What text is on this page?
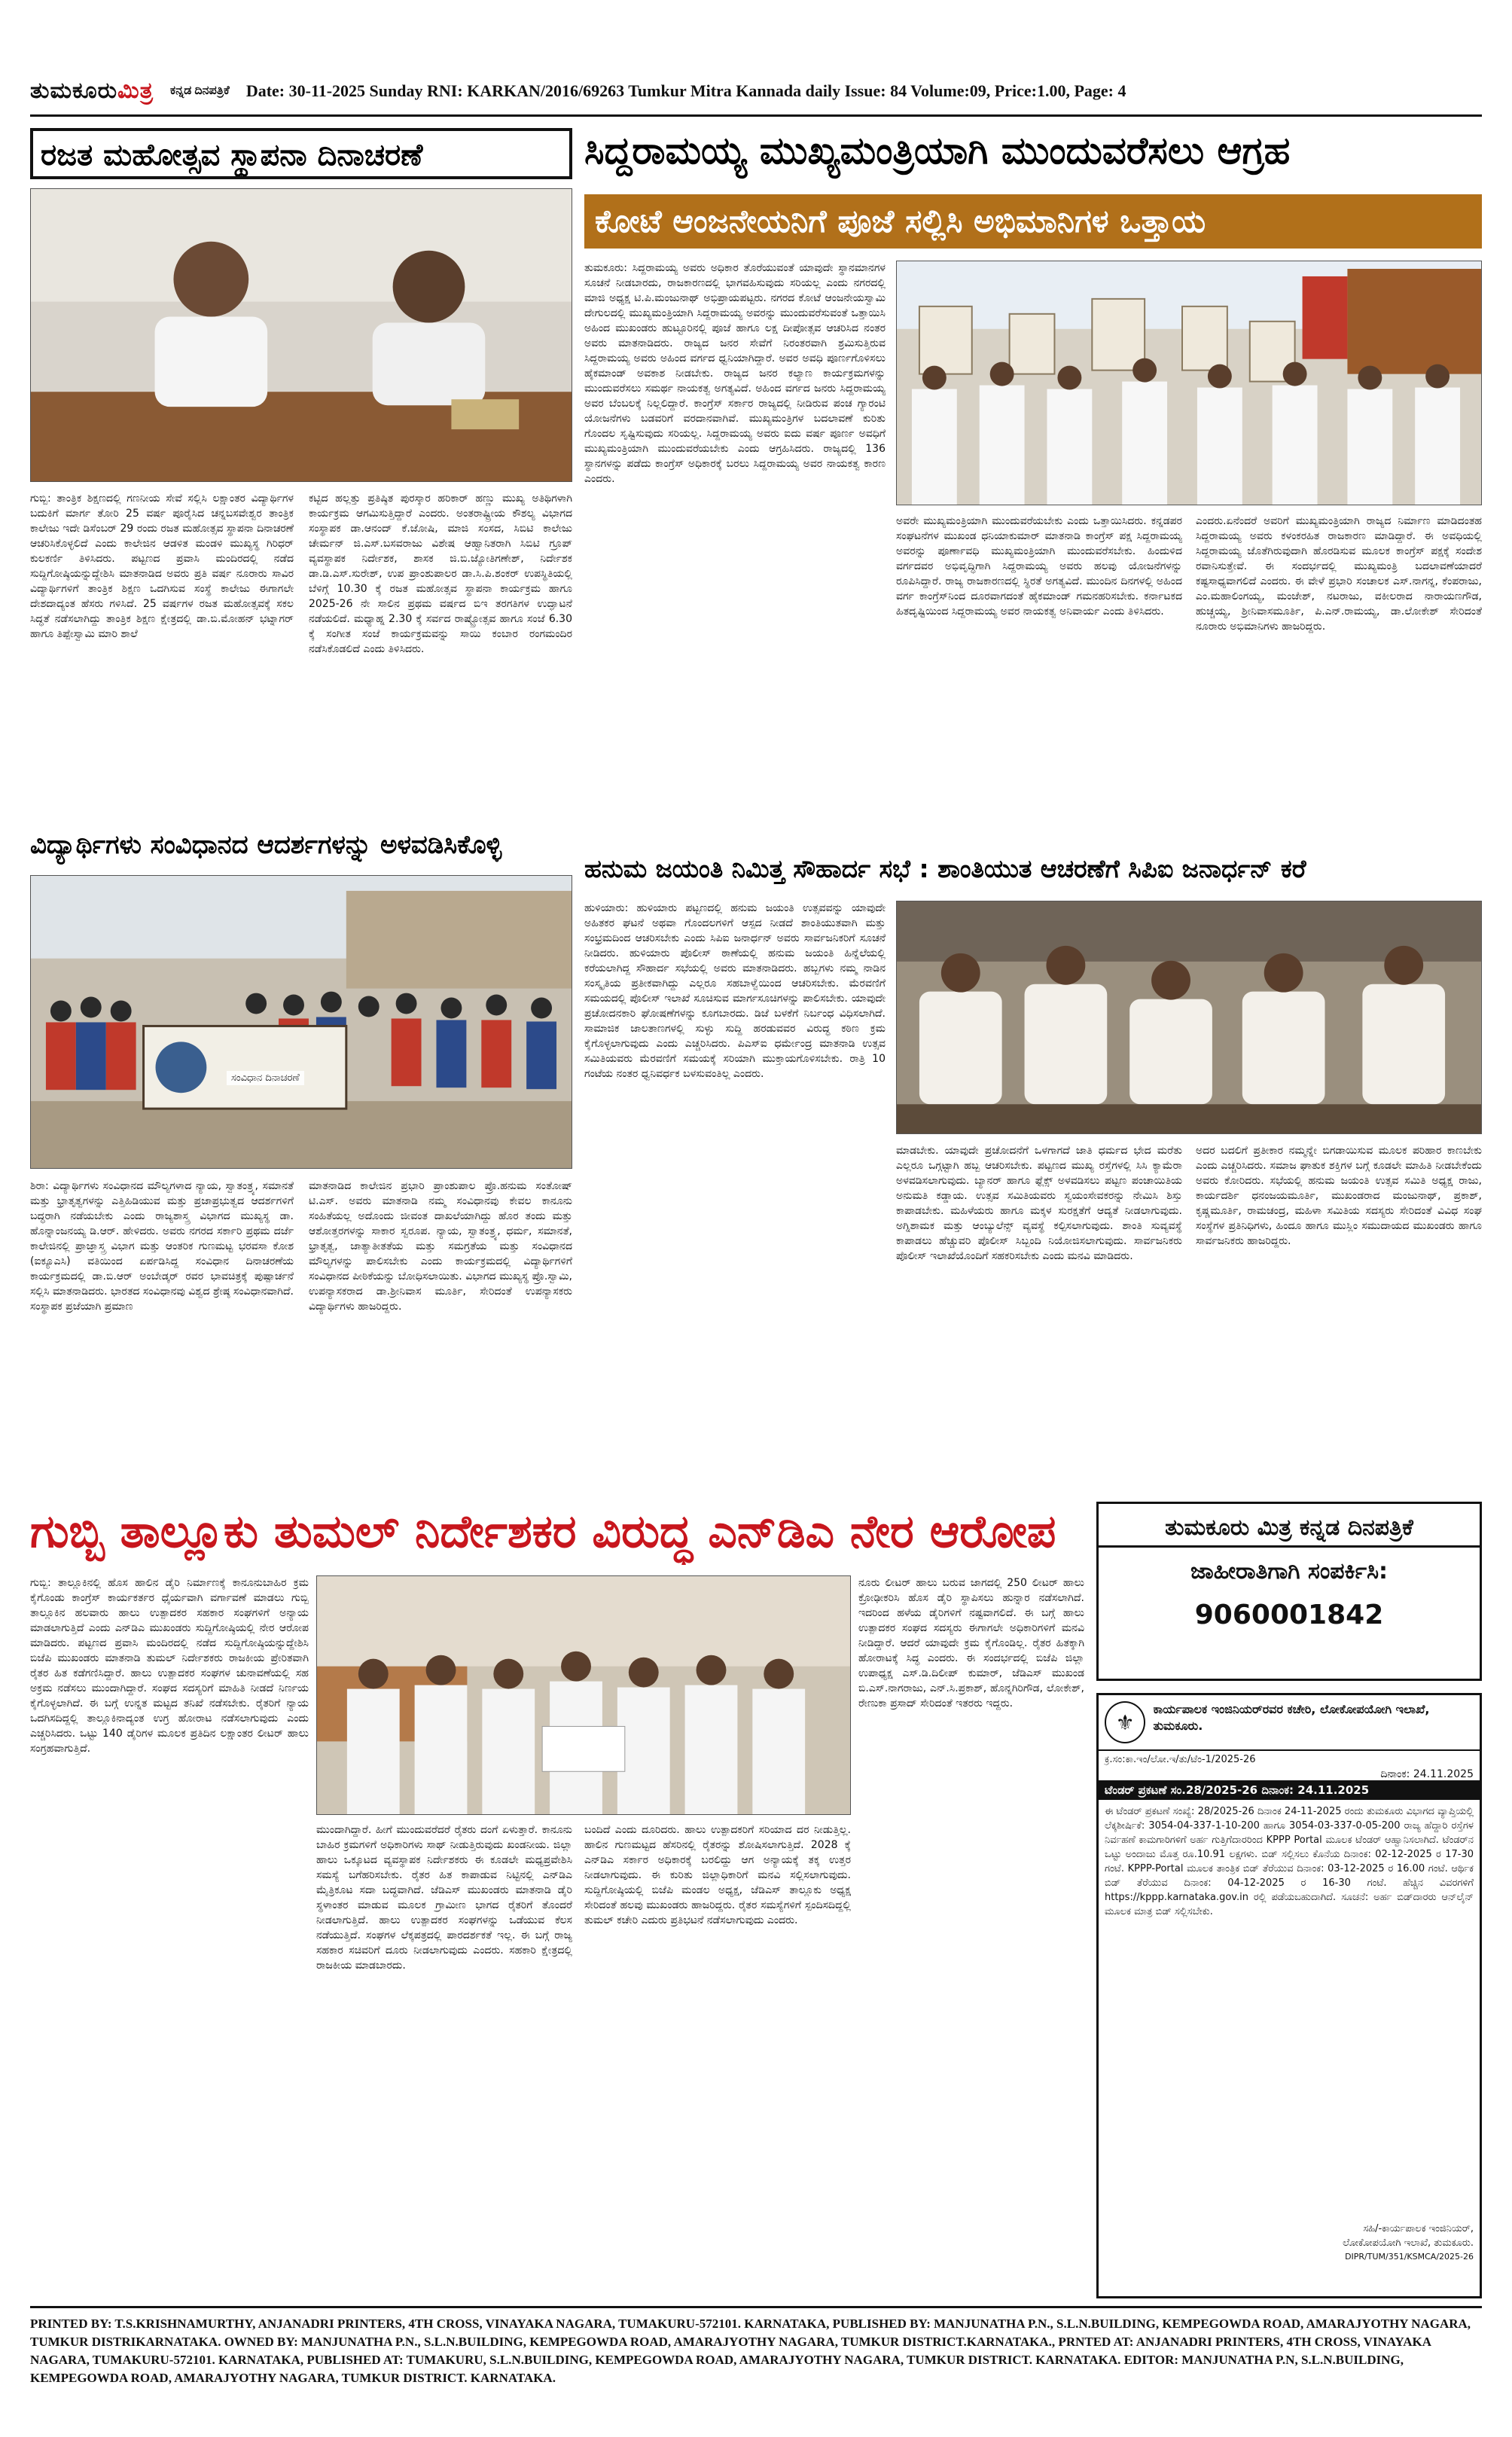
ತುಮಕೂರುಮಿತ್ರ ಕನ್ನಡ ದಿನಪತ್ರಿಕೆ Date: 30-11-2025 Sunday RNI: KARKAN/2016/69263 Tumkur Mitra Kannada daily Issue: 84 Volume:09, Price:1.00, Page: 4
ರಜತ ಮಹೋತ್ಸವ ಸ್ಥಾಪನಾ ದಿನಾಚರಣೆ	ಸಿದ್ದರಾಮಯ್ಯ ಮುಖ್ಯಮಂತ್ರಿಯಾಗಿ ಮುಂದುವರೆಸಲು ಆಗ್ರಹ
ಕೋಟೆ ಆಂಜನೇಯನಿಗೆ ಪೂಜೆ ಸಲ್ಲಿಸಿ ಅಭಿಮಾನಿಗಳ ಒತ್ತಾಯ
ಗುಬ್ಬಿ: ತಾಂತ್ರಿಕ ಶಿಕ್ಷಣದಲ್ಲಿ ಗಣನೀಯ ಸೇವೆ ಸಲ್ಲಿಸಿ ಲಕ್ಷಾಂತರ ವಿದ್ಯಾರ್ಥಿಗಳ ಬದುಕಿಗೆ ಮಾರ್ಗ ತೋರಿ 25 ವರ್ಷ ಪೂರೈಸಿದ ಚನ್ನಬಸವೇಶ್ವರ ತಾಂತ್ರಿಕ ಕಾಲೇಜು ಇದೇ ಡಿಸೆಂಬರ್ 29 ರಂದು ರಜತ ಮಹೋತ್ಸವ ಸ್ಥಾಪನಾ ದಿನಾಚರಣೆ ಆಚರಿಸಿಕೊಳ್ಳಲಿದೆ ಎಂದು ಕಾಲೇಜಿನ ಆಡಳಿತ ಮಂಡಳಿ ಮುಖ್ಯಸ್ಥ ಗಿರಿಧರ್ ಕುಲಕರ್ಣಿ ತಿಳಿಸಿದರು. ಪಟ್ಟಣದ ಪ್ರವಾಸಿ ಮಂದಿರದಲ್ಲಿ ನಡೆದ ಸುದ್ದಿಗೋಷ್ಠಿಯನ್ನುದ್ದೇಶಿಸಿ ಮಾತನಾಡಿದ ಅವರು ಪ್ರತಿ ವರ್ಷ ನೂರಾರು ಸಾವಿರ ವಿದ್ಯಾರ್ಥಿಗಳಿಗೆ ತಾಂತ್ರಿಕ ಶಿಕ್ಷಣ ಒದಗಿಸುವ ಸಂಸ್ಥೆ ಕಾಲೇಜು ಈಗಾಗಲೇ ದೇಶದಾದ್ಯಂತ ಹೆಸರು ಗಳಿಸಿದೆ. 25 ವರ್ಷಗಳ ರಜತ ಮಹೋತ್ಸವಕ್ಕೆ ಸಕಲ ಸಿದ್ಧತೆ ನಡೆಸಲಾಗಿದ್ದು ತಾಂತ್ರಿಕ ಶಿಕ್ಷಣ ಕ್ಷೇತ್ರದಲ್ಲಿ ಡಾ.ಬಿ.ಮೋಹನ್ ಭಟ್ನಾಗರ್ ಹಾಗೂ ತಿಪ್ಪೇಸ್ವಾಮಿ ಮಾರಿ ಶಾಲೆ
ಕಟ್ಟಿದ ಹಲ್ಲತ್ತು ಪ್ರತಿಷ್ಠಿತ ಪುರಸ್ಕಾರ ಹರಿಕಾರ್ ಹಣ್ಣು ಮುಖ್ಯ ಅತಿಥಿಗಳಾಗಿ ಕಾರ್ಯಕ್ರಮ ಆಗಮಿಸುತ್ತಿದ್ದಾರೆ ಎಂದರು. ಅಂತರಾಷ್ಟ್ರೀಯ ಕೌಶಲ್ಯ ವಿಭಾಗದ ಸಂಸ್ಥಾಪಕ ಡಾ.ಆನಂದ್ ಕೆ.ಜೋಷಿ, ಮಾಜಿ ಸಂಸದ, ಸಿಬಿಟಿ ಕಾಲೇಜು ಚೇರ್ಮನ್ ಜಿ.ಎಸ್.ಬಸವರಾಜು ವಿಶೇಷ ಆಹ್ವಾನಿತರಾಗಿ ಸಿಬಿಟಿ ಗ್ರೂಪ್ ವ್ಯವಸ್ಥಾಪಕ ನಿರ್ದೇಶಕ, ಶಾಸಕ ಜಿ.ಬಿ.ಜ್ಯೋತಿಗಣೇಶ್, ನಿರ್ದೇಶಕ ಡಾ.ಡಿ.ಎಸ್.ಸುರೇಶ್, ಉಪ ಪ್ರಾಂಶುಪಾಲರ ಡಾ.ಸಿ.ಪಿ.ಶಂಕರ್ ಉಪಸ್ಥಿತಿಯಲ್ಲಿ ಬೆಳಿಗ್ಗೆ 10.30 ಕ್ಕೆ ರಜತ ಮಹೋತ್ಸವ ಸ್ಥಾಪನಾ ಕಾರ್ಯಕ್ರಮ ಹಾಗೂ 2025-26 ನೇ ಸಾಲಿನ ಪ್ರಥಮ ವರ್ಷದ ಬಿಇ ತರಗತಿಗಳ ಉದ್ಘಾಟನೆ ನಡೆಯಲಿದೆ. ಮಧ್ಯಾಹ್ನ 2.30 ಕ್ಕೆ ಸರ್ವದ ರಾಷ್ಟ್ರೋತ್ಸವ ಹಾಗೂ ಸಂಜೆ 6.30 ಕ್ಕೆ ಸಂಗೀತ ಸಂಜೆ ಕಾರ್ಯಕ್ರಮವನ್ನು ಸಾಯಿ ಕಂಬಾರ ರಂಗಮಂದಿರ ನಡೆಸಿಕೊಡಲಿದೆ ಎಂದು ತಿಳಿಸಿದರು.
ವಿದ್ಯಾರ್ಥಿಗಳು ಸಂವಿಧಾನದ ಆದರ್ಶಗಳನ್ನು ಅಳವಡಿಸಿಕೊಳ್ಳಿ
ಸಂವಿಧಾನ ದಿನಾಚರಣೆ
ಶಿರಾ: ವಿದ್ಯಾರ್ಥಿಗಳು ಸಂವಿಧಾನದ ಮೌಲ್ಯಗಳಾದ ನ್ಯಾಯ, ಸ್ವಾತಂತ್ರ್ಯ, ಸಮಾನತೆ ಮತ್ತು ಭ್ರಾತೃತ್ವಗಳನ್ನು ಎತ್ತಿಹಿಡಿಯುವ ಮತ್ತು ಪ್ರಜಾಪ್ರಭುತ್ವದ ಆದರ್ಶಗಳಿಗೆ ಬದ್ಧರಾಗಿ ನಡೆಯಬೇಕು ಎಂದು ರಾಜ್ಯಶಾಸ್ತ್ರ ವಿಭಾಗದ ಮುಖ್ಯಸ್ಥ ಡಾ. ಹೊನ್ನಾಂಜನಯ್ಯ ಡಿ.ಆರ್. ಹೇಳಿದರು. ಅವರು ನಗರದ ಸರ್ಕಾರಿ ಪ್ರಥಮ ದರ್ಜೆ ಕಾಲೇಜಿನಲ್ಲಿ ಪ್ರಾಜ್ಞಾಸ್ತ್ರ ವಿಭಾಗ ಮತ್ತು ಆಂತರಿಕ ಗುಣಮಟ್ಟ ಭರವಸಾ ಕೋಶ (ಐಕ್ಯೂಎಸಿ) ವತಿಯಿಂದ ಏರ್ಪಡಿಸಿದ್ದ ಸಂವಿಧಾನ ದಿನಾಚರಣೆಯ ಕಾರ್ಯಕ್ರಮದಲ್ಲಿ ಡಾ.ಬಿ.ಆರ್ ಅಂಬೇಡ್ಕರ್ ರವರ ಭಾವಚಿತ್ರಕ್ಕೆ ಪುಷ್ಪಾರ್ಚನೆ ಸಲ್ಲಿಸಿ ಮಾತನಾಡಿದರು. ಭಾರತದ ಸಂವಿಧಾನವು ವಿಶ್ವದ ಶ್ರೇಷ್ಠ ಸಂವಿಧಾನವಾಗಿದೆ. ಸಂಸ್ಥಾಪಕ ಪ್ರಜೆಯಾಗಿ ಪ್ರಮಾಣ
ಮಾತನಾಡಿದ ಕಾಲೇಜಿನ ಪ್ರಭಾರಿ ಪ್ರಾಂಶುಪಾಲ ಪ್ರೊ.ಹನುಮ ಸಂತೋಷ್ ಟಿ.ಎಸ್. ಅವರು ಮಾತನಾಡಿ ನಮ್ಮ ಸಂವಿಧಾನವು ಕೇವಲ ಕಾನೂನು ಸಂಹಿತೆಯಲ್ಲ ಅದೊಂದು ಜೀವಂತ ದಾಖಲೆಯಾಗಿದ್ದು ಹೊರ ತಂದು ಮತ್ತು ಆಶೋತ್ತರಗಳನ್ನು ಸಾಕಾರ ಸ್ವರೂಪ. ನ್ಯಾಯ, ಸ್ವಾತಂತ್ರ್ಯ, ಧರ್ಮ, ಸಮಾನತೆ, ಭ್ರಾತೃತ್ವ, ಜಾತ್ಯಾತೀತತೆಯ ಮತ್ತು ಸಮಗ್ರತೆಯ ಮತ್ತು ಸಂವಿಧಾನದ ಮೌಲ್ಯಗಳನ್ನು ಪಾಲಿಸಬೇಕು ಎಂದು ಕಾರ್ಯಕ್ರಮದಲ್ಲಿ ವಿದ್ಯಾರ್ಥಿಗಳಿಗೆ ಸಂವಿಧಾನದ ಪೀಠಿಕೆಯನ್ನು ಬೋಧಿಸಲಾಯಿತು. ವಿಭಾಗದ ಮುಖ್ಯಸ್ಥ ಪ್ರೊ.ಸ್ವಾಮಿ, ಉಪನ್ಯಾಸಕರಾದ ಡಾ.ಶ್ರೀನಿವಾಸ ಮೂರ್ತಿ, ಸೇರಿದಂತೆ ಉಪನ್ಯಾಸಕರು ವಿದ್ಯಾರ್ಥಿಗಳು ಹಾಜರಿದ್ದರು.
ತುಮಕೂರು: ಸಿದ್ದರಾಮಯ್ಯ ಅವರು ಅಧಿಕಾರ ತೊರೆಯುವಂತೆ ಯಾವುದೇ ಸ್ಥಾನಮಾನಗಳ ಸೂಚನೆ ನೀಡಬಾರದು, ರಾಜಕಾರಣದಲ್ಲಿ ಭಾಗವಹಿಸುವುದು ಸರಿಯಲ್ಲ ಎಂದು ನಗರದಲ್ಲಿ ಮಾಜಿ ಅಧ್ಯಕ್ಷ ಟಿ.ಪಿ.ಮಂಜುನಾಥ್ ಅಭಿಪ್ರಾಯಪಟ್ಟರು. ನಗರದ ಕೋಟೆ ಆಂಜನೇಯಸ್ವಾಮಿ ದೇಗುಲದಲ್ಲಿ ಮುಖ್ಯಮಂತ್ರಿಯಾಗಿ ಸಿದ್ದರಾಮಯ್ಯ ಅವರನ್ನು ಮುಂದುವರೆಸುವಂತೆ ಒತ್ತಾಯಿಸಿ ಅಹಿಂದ ಮುಖಂಡರು ಹುಟ್ಟೂರಿನಲ್ಲಿ ಪೂಜೆ ಹಾಗೂ ಲಕ್ಷ ದೀಪೋತ್ಸವ ಆಚರಿಸಿದ ನಂತರ ಅವರು ಮಾತನಾಡಿದರು. ರಾಜ್ಯದ ಜನರ ಸೇವೆಗೆ ನಿರಂತರವಾಗಿ ಶ್ರಮಿಸುತ್ತಿರುವ ಸಿದ್ದರಾಮಯ್ಯ ಅವರು ಅಹಿಂದ ವರ್ಗದ ಧ್ವನಿಯಾಗಿದ್ದಾರೆ. ಅವರ ಅವಧಿ ಪೂರ್ಣಗೊಳಿಸಲು ಹೈಕಮಾಂಡ್ ಅವಕಾಶ ನೀಡಬೇಕು. ರಾಜ್ಯದ ಜನರ ಕಲ್ಯಾಣ ಕಾರ್ಯಕ್ರಮಗಳನ್ನು ಮುಂದುವರೆಸಲು ಸಮರ್ಥ ನಾಯಕತ್ವ ಅಗತ್ಯವಿದೆ. ಅಹಿಂದ ವರ್ಗದ ಜನರು ಸಿದ್ದರಾಮಯ್ಯ ಅವರ ಬೆಂಬಲಕ್ಕೆ ನಿಲ್ಲಲಿದ್ದಾರೆ. ಕಾಂಗ್ರೆಸ್ ಸರ್ಕಾರ ರಾಜ್ಯದಲ್ಲಿ ನೀಡಿರುವ ಪಂಚ ಗ್ಯಾರಂಟಿ ಯೋಜನೆಗಳು ಬಡವರಿಗೆ ವರದಾನವಾಗಿವೆ. ಮುಖ್ಯಮಂತ್ರಿಗಳ ಬದಲಾವಣೆ ಕುರಿತು ಗೊಂದಲ ಸೃಷ್ಟಿಸುವುದು ಸರಿಯಲ್ಲ. ಸಿದ್ದರಾಮಯ್ಯ ಅವರು ಐದು ವರ್ಷ ಪೂರ್ಣ ಅವಧಿಗೆ ಮುಖ್ಯಮಂತ್ರಿಯಾಗಿ ಮುಂದುವರೆಯಬೇಕು ಎಂದು ಆಗ್ರಹಿಸಿದರು. ರಾಜ್ಯದಲ್ಲಿ 136 ಸ್ಥಾನಗಳನ್ನು ಪಡೆದು ಕಾಂಗ್ರೆಸ್ ಅಧಿಕಾರಕ್ಕೆ ಬರಲು ಸಿದ್ದರಾಮಯ್ಯ ಅವರ ನಾಯಕತ್ವ ಕಾರಣ ಎಂದರು.
ಅವರೇ ಮುಖ್ಯಮಂತ್ರಿಯಾಗಿ ಮುಂದುವರೆಯಬೇಕು ಎಂದು ಒತ್ತಾಯಿಸಿದರು. ಕನ್ನಡಪರ ಸಂಘಟನೆಗಳ ಮುಖಂಡ ಧನಿಯಾಕುಮಾರ್ ಮಾತನಾಡಿ ಕಾಂಗ್ರೆಸ್ ಪಕ್ಷ ಸಿದ್ದರಾಮಯ್ಯ ಅವರನ್ನು ಪೂರ್ಣಾವಧಿ ಮುಖ್ಯಮಂತ್ರಿಯಾಗಿ ಮುಂದುವರೆಸಬೇಕು. ಹಿಂದುಳಿದ ವರ್ಗದವರ ಅಭಿವೃದ್ಧಿಗಾಗಿ ಸಿದ್ದರಾಮಯ್ಯ ಅವರು ಹಲವು ಯೋಜನೆಗಳನ್ನು ರೂಪಿಸಿದ್ದಾರೆ. ರಾಜ್ಯ ರಾಜಕಾರಣದಲ್ಲಿ ಸ್ಥಿರತೆ ಅಗತ್ಯವಿದೆ. ಮುಂದಿನ ದಿನಗಳಲ್ಲಿ ಅಹಿಂದ ವರ್ಗ ಕಾಂಗ್ರೆಸ್‌ನಿಂದ ದೂರವಾಗದಂತೆ ಹೈಕಮಾಂಡ್ ಗಮನಹರಿಸಬೇಕು. ಕರ್ನಾಟಕದ ಹಿತದೃಷ್ಟಿಯಿಂದ ಸಿದ್ದರಾಮಯ್ಯ ಅವರ ನಾಯಕತ್ವ ಅನಿವಾರ್ಯ ಎಂದು ತಿಳಿಸಿದರು.
ಎಂದರು.ಏನೆಂದರೆ ಅವರಿಗೆ ಮುಖ್ಯಮಂತ್ರಿಯಾಗಿ ರಾಜ್ಯದ ನಿರ್ಮಾಣ ಮಾಡಿದಂತಹ ಸಿದ್ದರಾಮಯ್ಯ ಅವರು ಕಳಂಕರಹಿತ ರಾಜಕಾರಣ ಮಾಡಿದ್ದಾರೆ. ಈ ಅವಧಿಯಲ್ಲಿ ಸಿದ್ದರಾಮಯ್ಯ ಜೊತೆಗಿರುವುದಾಗಿ ಹೊರಡಿಸುವ ಮೂಲಕ ಕಾಂಗ್ರೆಸ್ ಪಕ್ಷಕ್ಕೆ ಸಂದೇಶ ರವಾನಿಸುತ್ತೇವೆ. ಈ ಸಂದರ್ಭದಲ್ಲಿ ಮುಖ್ಯಮಂತ್ರಿ ಬದಲಾವಣೆಯಾದರೆ ಕಷ್ಟಸಾಧ್ಯವಾಗಲಿದೆ ಎಂದರು. ಈ ವೇಳೆ ಪ್ರಭಾರಿ ಸಂಚಾಲಕ ಎಸ್.ನಾಗನ್ನ, ಕೆಂಪರಾಜು, ಎಂ.ಮಹಾಲಿಂಗಯ್ಯ, ಮಂಜೇಶ್, ನಟರಾಜು, ವಕೀಲರಾದ ನಾರಾಯಣಗೌಡ, ಹುಚ್ಚಯ್ಯ, ಶ್ರೀನಿವಾಸಮೂರ್ತಿ, ಪಿ.ಎನ್.ರಾಮಯ್ಯ, ಡಾ.ಲೋಕೇಶ್ ಸೇರಿದಂತೆ ನೂರಾರು ಅಭಿಮಾನಿಗಳು ಹಾಜರಿದ್ದರು.
ಹನುಮ ಜಯಂತಿ ನಿಮಿತ್ತ ಸೌಹಾರ್ದ ಸಭೆ : ಶಾಂತಿಯುತ ಆಚರಣೆಗೆ ಸಿಪಿಐ ಜನಾರ್ಧನ್ ಕರೆ
ಹುಳಿಯಾರು: ಹುಳಿಯಾರು ಪಟ್ಟಣದಲ್ಲಿ ಹನುಮ ಜಯಂತಿ ಉತ್ಸವವನ್ನು ಯಾವುದೇ ಅಹಿತಕರ ಘಟನೆ ಅಥವಾ ಗೊಂದಲಗಳಿಗೆ ಆಸ್ಪದ ನೀಡದೆ ಶಾಂತಿಯುತವಾಗಿ ಮತ್ತು ಸಂಭ್ರಮದಿಂದ ಆಚರಿಸಬೇಕು ಎಂದು ಸಿಪಿಐ ಜನಾರ್ಧನ್ ಅವರು ಸಾರ್ವಜನಿಕರಿಗೆ ಸೂಚನೆ ನೀಡಿದರು. ಹುಳಿಯಾರು ಪೊಲೀಸ್ ಠಾಣೆಯಲ್ಲಿ ಹನುಮ ಜಯಂತಿ ಹಿನ್ನೆಲೆಯಲ್ಲಿ ಕರೆಯಲಾಗಿದ್ದ ಸೌಹಾರ್ದ ಸಭೆಯಲ್ಲಿ ಅವರು ಮಾತನಾಡಿದರು. ಹಬ್ಬಗಳು ನಮ್ಮ ನಾಡಿನ ಸಂಸ್ಕೃತಿಯ ಪ್ರತೀಕವಾಗಿದ್ದು ಎಲ್ಲರೂ ಸಹಬಾಳ್ವೆಯಿಂದ ಆಚರಿಸಬೇಕು. ಮೆರವಣಿಗೆ ಸಮಯದಲ್ಲಿ ಪೊಲೀಸ್ ಇಲಾಖೆ ಸೂಚಿಸುವ ಮಾರ್ಗಸೂಚಿಗಳನ್ನು ಪಾಲಿಸಬೇಕು. ಯಾವುದೇ ಪ್ರಚೋದನಕಾರಿ ಘೋಷಣೆಗಳನ್ನು ಕೂಗಬಾರದು. ಡಿಜೆ ಬಳಕೆಗೆ ನಿರ್ಬಂಧ ವಿಧಿಸಲಾಗಿದೆ. ಸಾಮಾಜಿಕ ಜಾಲತಾಣಗಳಲ್ಲಿ ಸುಳ್ಳು ಸುದ್ದಿ ಹರಡುವವರ ವಿರುದ್ಧ ಕಠಿಣ ಕ್ರಮ ಕೈಗೊಳ್ಳಲಾಗುವುದು ಎಂದು ಎಚ್ಚರಿಸಿದರು. ಪಿಎಸ್ಐ ಧರ್ಮೇಂದ್ರ ಮಾತನಾಡಿ ಉತ್ಸವ ಸಮಿತಿಯವರು ಮೆರವಣಿಗೆ ಸಮಯಕ್ಕೆ ಸರಿಯಾಗಿ ಮುಕ್ತಾಯಗೊಳಿಸಬೇಕು. ರಾತ್ರಿ 10 ಗಂಟೆಯ ನಂತರ ಧ್ವನಿವರ್ಧಕ ಬಳಸುವಂತಿಲ್ಲ ಎಂದರು.
ಮಾಡಬೇಕು. ಯಾವುದೇ ಪ್ರಚೋದನೆಗೆ ಒಳಗಾಗದೆ ಜಾತಿ ಧರ್ಮದ ಭೇದ ಮರೆತು ಎಲ್ಲರೂ ಒಗ್ಗಟ್ಟಾಗಿ ಹಬ್ಬ ಆಚರಿಸಬೇಕು. ಪಟ್ಟಣದ ಮುಖ್ಯ ರಸ್ತೆಗಳಲ್ಲಿ ಸಿಸಿ ಕ್ಯಾಮೆರಾ ಅಳವಡಿಸಲಾಗುವುದು. ಬ್ಯಾನರ್ ಹಾಗೂ ಫ್ಲೆಕ್ಸ್ ಅಳವಡಿಸಲು ಪಟ್ಟಣ ಪಂಚಾಯಿತಿಯ ಅನುಮತಿ ಕಡ್ಡಾಯ. ಉತ್ಸವ ಸಮಿತಿಯವರು ಸ್ವಯಂಸೇವಕರನ್ನು ನೇಮಿಸಿ ಶಿಸ್ತು ಕಾಪಾಡಬೇಕು. ಮಹಿಳೆಯರು ಹಾಗೂ ಮಕ್ಕಳ ಸುರಕ್ಷತೆಗೆ ಆದ್ಯತೆ ನೀಡಲಾಗುವುದು. ಅಗ್ನಿಶಾಮಕ ಮತ್ತು ಆಂಬ್ಯುಲೆನ್ಸ್ ವ್ಯವಸ್ಥೆ ಕಲ್ಪಿಸಲಾಗುವುದು. ಶಾಂತಿ ಸುವ್ಯವಸ್ಥೆ ಕಾಪಾಡಲು ಹೆಚ್ಚುವರಿ ಪೊಲೀಸ್ ಸಿಬ್ಬಂದಿ ನಿಯೋಜಿಸಲಾಗುವುದು. ಸಾರ್ವಜನಿಕರು ಪೊಲೀಸ್ ಇಲಾಖೆಯೊಂದಿಗೆ ಸಹಕರಿಸಬೇಕು ಎಂದು ಮನವಿ ಮಾಡಿದರು.
ಅದರ ಬದಲಿಗೆ ಪ್ರತೀಕಾರ ನಮ್ಮನ್ನೇ ಬಿಗಡಾಯಿಸುವ ಮೂಲಕ ಪರಿಹಾರ ಕಾಣಬೇಕು ಎಂದು ಎಚ್ಚರಿಸಿದರು. ಸಮಾಜ ಘಾತುಕ ಶಕ್ತಿಗಳ ಬಗ್ಗೆ ಕೂಡಲೇ ಮಾಹಿತಿ ನೀಡಬೇಕೆಂದು ಅವರು ಕೋರಿದರು. ಸಭೆಯಲ್ಲಿ ಹನುಮ ಜಯಂತಿ ಉತ್ಸವ ಸಮಿತಿ ಅಧ್ಯಕ್ಷ ರಾಜು, ಕಾರ್ಯದರ್ಶಿ ಧನಂಜಯಮೂರ್ತಿ, ಮುಖಂಡರಾದ ಮಂಜುನಾಥ್, ಪ್ರಕಾಶ್, ಕೃಷ್ಣಮೂರ್ತಿ, ರಾಮಚಂದ್ರ, ಮಹಿಳಾ ಸಮಿತಿಯ ಸದಸ್ಯರು ಸೇರಿದಂತೆ ವಿವಿಧ ಸಂಘ ಸಂಸ್ಥೆಗಳ ಪ್ರತಿನಿಧಿಗಳು, ಹಿಂದೂ ಹಾಗೂ ಮುಸ್ಲಿಂ ಸಮುದಾಯದ ಮುಖಂಡರು ಹಾಗೂ ಸಾರ್ವಜನಿಕರು ಹಾಜರಿದ್ದರು.
ಗುಬ್ಬಿ ತಾಲ್ಲೂಕು ತುಮಲ್ ನಿರ್ದೇಶಕರ ವಿರುದ್ಧ ಎನ್‌ಡಿಎ ನೇರ ಆರೋಪ
ಗುಬ್ಬಿ: ತಾಲ್ಲೂಕಿನಲ್ಲಿ ಹೊಸ ಹಾಲಿನ ಡೈರಿ ನಿರ್ಮಾಣಕ್ಕೆ ಕಾನೂನುಬಾಹಿರ ಕ್ರಮ ಕೈಗೊಂಡು ಕಾಂಗ್ರೆಸ್ ಕಾರ್ಯಕರ್ತರ ಧೈರ್ಯವಾಗಿ ವರ್ಗಾವಣೆ ಮಾಡಲು ಗುಬ್ಬಿ ತಾಲ್ಲೂಕಿನ ಹಲವಾರು ಹಾಲು ಉತ್ಪಾದಕರ ಸಹಕಾರ ಸಂಘಗಳಿಗೆ ಅನ್ಯಾಯ ಮಾಡಲಾಗುತ್ತಿದೆ ಎಂದು ಎನ್‌ಡಿಎ ಮುಖಂಡರು ಸುದ್ದಿಗೋಷ್ಠಿಯಲ್ಲಿ ನೇರ ಆರೋಪ ಮಾಡಿದರು. ಪಟ್ಟಣದ ಪ್ರವಾಸಿ ಮಂದಿರದಲ್ಲಿ ನಡೆದ ಸುದ್ದಿಗೋಷ್ಠಿಯನ್ನುದ್ದೇಶಿಸಿ ಬಿಜೆಪಿ ಮುಖಂಡರು ಮಾತನಾಡಿ ತುಮಲ್ ನಿರ್ದೇಶಕರು ರಾಜಕೀಯ ಪ್ರೇರಿತವಾಗಿ ರೈತರ ಹಿತ ಕಡೆಗಣಿಸಿದ್ದಾರೆ. ಹಾಲು ಉತ್ಪಾದಕರ ಸಂಘಗಳ ಚುನಾವಣೆಯಲ್ಲಿ ಸಹ ಅಕ್ರಮ ನಡೆಸಲು ಮುಂದಾಗಿದ್ದಾರೆ. ಸಂಘದ ಸದಸ್ಯರಿಗೆ ಮಾಹಿತಿ ನೀಡದೆ ನಿರ್ಣಯ ಕೈಗೊಳ್ಳಲಾಗಿದೆ. ಈ ಬಗ್ಗೆ ಉನ್ನತ ಮಟ್ಟದ ತನಿಖೆ ನಡೆಸಬೇಕು. ರೈತರಿಗೆ ನ್ಯಾಯ ಒದಗಿಸದಿದ್ದಲ್ಲಿ ತಾಲ್ಲೂಕಿನಾದ್ಯಂತ ಉಗ್ರ ಹೋರಾಟ ನಡೆಸಲಾಗುವುದು ಎಂದು ಎಚ್ಚರಿಸಿದರು. ಒಟ್ಟು 140 ಡೈರಿಗಳ ಮೂಲಕ ಪ್ರತಿದಿನ ಲಕ್ಷಾಂತರ ಲೀಟರ್ ಹಾಲು ಸಂಗ್ರಹವಾಗುತ್ತಿದೆ.
ಮುಂದಾಗಿದ್ದಾರೆ. ಹೀಗೆ ಮುಂದುವರೆದರೆ ರೈತರು ದಂಗೆ ಏಳುತ್ತಾರೆ. ಕಾನೂನು ಬಾಹಿರ ಕ್ರಮಗಳಿಗೆ ಅಧಿಕಾರಿಗಳು ಸಾಥ್ ನೀಡುತ್ತಿರುವುದು ಖಂಡನೀಯ. ಜಿಲ್ಲಾ ಹಾಲು ಒಕ್ಕೂಟದ ವ್ಯವಸ್ಥಾಪಕ ನಿರ್ದೇಶಕರು ಈ ಕೂಡಲೇ ಮಧ್ಯಪ್ರವೇಶಿಸಿ ಸಮಸ್ಯೆ ಬಗೆಹರಿಸಬೇಕು. ರೈತರ ಹಿತ ಕಾಪಾಡುವ ನಿಟ್ಟಿನಲ್ಲಿ ಎನ್‌ಡಿಎ ಮೈತ್ರಿಕೂಟ ಸದಾ ಬದ್ಧವಾಗಿದೆ. ಜೆಡಿಎಸ್ ಮುಖಂಡರು ಮಾತನಾಡಿ ಡೈರಿ ಸ್ಥಳಾಂತರ ಮಾಡುವ ಮೂಲಕ ಗ್ರಾಮೀಣ ಭಾಗದ ರೈತರಿಗೆ ತೊಂದರೆ ನೀಡಲಾಗುತ್ತಿದೆ. ಹಾಲು ಉತ್ಪಾದಕರ ಸಂಘಗಳನ್ನು ಒಡೆಯುವ ಕೆಲಸ ನಡೆಯುತ್ತಿದೆ. ಸಂಘಗಳ ಲೆಕ್ಕಪತ್ರದಲ್ಲಿ ಪಾರದರ್ಶಕತೆ ಇಲ್ಲ. ಈ ಬಗ್ಗೆ ರಾಜ್ಯ ಸಹಕಾರ ಸಚಿವರಿಗೆ ದೂರು ನೀಡಲಾಗುವುದು ಎಂದರು. ಸಹಕಾರಿ ಕ್ಷೇತ್ರದಲ್ಲಿ ರಾಜಕೀಯ ಮಾಡಬಾರದು.
ಬಂದಿದೆ ಎಂದು ದೂರಿದರು. ಹಾಲು ಉತ್ಪಾದಕರಿಗೆ ಸರಿಯಾದ ದರ ನೀಡುತ್ತಿಲ್ಲ. ಹಾಲಿನ ಗುಣಮಟ್ಟದ ಹೆಸರಿನಲ್ಲಿ ರೈತರನ್ನು ಶೋಷಿಸಲಾಗುತ್ತಿದೆ. 2028 ಕ್ಕೆ ಎನ್‌ಡಿಎ ಸರ್ಕಾರ ಅಧಿಕಾರಕ್ಕೆ ಬರಲಿದ್ದು ಆಗ ಅನ್ಯಾಯಕ್ಕೆ ತಕ್ಕ ಉತ್ತರ ನೀಡಲಾಗುವುದು. ಈ ಕುರಿತು ಜಿಲ್ಲಾಧಿಕಾರಿಗೆ ಮನವಿ ಸಲ್ಲಿಸಲಾಗುವುದು. ಸುದ್ದಿಗೋಷ್ಠಿಯಲ್ಲಿ ಬಿಜೆಪಿ ಮಂಡಲ ಅಧ್ಯಕ್ಷ, ಜೆಡಿಎಸ್ ತಾಲ್ಲೂಕು ಅಧ್ಯಕ್ಷ ಸೇರಿದಂತೆ ಹಲವು ಮುಖಂಡರು ಹಾಜರಿದ್ದರು. ರೈತರ ಸಮಸ್ಯೆಗಳಿಗೆ ಸ್ಪಂದಿಸದಿದ್ದಲ್ಲಿ ತುಮಲ್ ಕಚೇರಿ ಎದುರು ಪ್ರತಿಭಟನೆ ನಡೆಸಲಾಗುವುದು ಎಂದರು.
ನೂರು ಲೀಟರ್ ಹಾಲು ಬರುವ ಜಾಗದಲ್ಲಿ 250 ಲೀಟರ್ ಹಾಲು ಕ್ರೋಢೀಕರಿಸಿ ಹೊಸ ಡೈರಿ ಸ್ಥಾಪಿಸಲು ಹುನ್ನಾರ ನಡೆಸಲಾಗಿದೆ. ಇದರಿಂದ ಹಳೆಯ ಡೈರಿಗಳಿಗೆ ನಷ್ಟವಾಗಲಿದೆ. ಈ ಬಗ್ಗೆ ಹಾಲು ಉತ್ಪಾದಕರ ಸಂಘದ ಸದಸ್ಯರು ಈಗಾಗಲೇ ಅಧಿಕಾರಿಗಳಿಗೆ ಮನವಿ ನೀಡಿದ್ದಾರೆ. ಆದರೆ ಯಾವುದೇ ಕ್ರಮ ಕೈಗೊಂಡಿಲ್ಲ. ರೈತರ ಹಿತಕ್ಕಾಗಿ ಹೋರಾಟಕ್ಕೆ ಸಿದ್ಧ ಎಂದರು. ಈ ಸಂದರ್ಭದಲ್ಲಿ ಬಿಜೆಪಿ ಜಿಲ್ಲಾ ಉಪಾಧ್ಯಕ್ಷ ಎಸ್.ಡಿ.ದಿಲೀಪ್ ಕುಮಾರ್, ಜೆಡಿಎಸ್ ಮುಖಂಡ ಬಿ.ಎಸ್.ನಾಗರಾಜು, ಎನ್.ಸಿ.ಪ್ರಕಾಶ್, ಹೊನ್ನಗಿರಿಗೌಡ, ಲೋಕೇಶ್, ರೇಣುಕಾ ಪ್ರಸಾದ್ ಸೇರಿದಂತೆ ಇತರರು ಇದ್ದರು.
ತುಮಕೂರು ಮಿತ್ರ ಕನ್ನಡ ದಿನಪತ್ರಿಕೆ
ಜಾಹೀರಾತಿಗಾಗಿ ಸಂಪರ್ಕಿಸಿ:
9060001842
⚜
ಕಾರ್ಯಪಾಲಕ ಇಂಜಿನಿಯರ್‌ರವರ ಕಚೇರಿ, ಲೋಕೋಪಯೋಗಿ ಇಲಾಖೆ, ತುಮಕೂರು.
ಕ್ರ.ಸಂ:ಕಾ.ಇಂ/ಲೋ.ಇ/ತು/ಟೆಂ-1/2025-26
ದಿನಾಂಕ: 24.11.2025
ಟೆಂಡರ್ ಪ್ರಕಟಣೆ ಸಂ.28/2025-26 ದಿನಾಂಕ: 24.11.2025
ಈ ಟೆಂಡರ್ ಪ್ರಕಟಣೆ ಸಂಖ್ಯೆ: 28/2025-26 ದಿನಾಂಕ 24-11-2025 ರಂದು ತುಮಕೂರು ವಿಭಾಗದ ವ್ಯಾಪ್ತಿಯಲ್ಲಿ ಲೆಕ್ಕಶೀರ್ಷಿಕೆ: 3054-04-337-1-10-200 ಹಾಗೂ 3054-03-337-0-05-200 ರಾಜ್ಯ ಹೆದ್ದಾರಿ ರಸ್ತೆಗಳ ನಿರ್ವಹಣೆ ಕಾಮಗಾರಿಗಳಿಗೆ ಅರ್ಹ ಗುತ್ತಿಗೆದಾರರಿಂದ KPPP Portal ಮೂಲಕ ಟೆಂಡರ್ ಆಹ್ವಾನಿಸಲಾಗಿದೆ. ಟೆಂಡರ್‌ನ ಒಟ್ಟು ಅಂದಾಜು ಮೊತ್ತ ರೂ.10.91 ಲಕ್ಷಗಳು. ಬಿಡ್ ಸಲ್ಲಿಸಲು ಕೊನೆಯ ದಿನಾಂಕ: 02-12-2025 ರ 17-30 ಗಂಟೆ. KPPP-Portal ಮೂಲಕ ತಾಂತ್ರಿಕ ಬಿಡ್ ತೆರೆಯುವ ದಿನಾಂಕ: 03-12-2025 ರ 16.00 ಗಂಟೆ. ಆರ್ಥಿಕ ಬಿಡ್ ತೆರೆಯುವ ದಿನಾಂಕ: 04-12-2025 ರ 16-30 ಗಂಟೆ. ಹೆಚ್ಚಿನ ವಿವರಗಳಿಗೆ https://kppp.karnataka.gov.in ರಲ್ಲಿ ಪಡೆಯಬಹುದಾಗಿದೆ. ಸೂಚನೆ: ಅರ್ಹ ಬಿಡ್‌ದಾರರು ಆನ್‌ಲೈನ್ ಮೂಲಕ ಮಾತ್ರ ಬಿಡ್ ಸಲ್ಲಿಸಬೇಕು.
ಸಹಿ/-ಕಾರ್ಯಪಾಲಕ ಇಂಜಿನಿಯರ್,
ಲೋಕೋಪಯೋಗಿ ಇಲಾಖೆ, ತುಮಕೂರು.
DIPR/TUM/351/KSMCA/2025-26
PRINTED BY: T.S.KRISHNAMURTHY, ANJANADRI PRINTERS, 4TH CROSS, VINAYAKA NAGARA, TUMAKURU-572101. KARNATAKA, PUBLISHED BY: MANJUNATHA P.N., S.L.N.BUILDING, KEMPEGOWDA ROAD, AMARAJYOTHY NAGARA, TUMKUR DISTRIKARNATAKA. OWNED BY: MANJUNATHA P.N., S.L.N.BUILDING, KEMPEGOWDA ROAD, AMARAJYOTHY NAGARA, TUMKUR DISTRICT.KARNATAKA., PRNTED AT: ANJANADRI PRINTERS, 4TH CROSS, VINAYAKA NAGARA, TUMAKURU-572101. KARNATAKA, PUBLISHED AT: TUMAKURU, S.L.N.BUILDING, KEMPEGOWDA ROAD, AMARAJYOTHY NAGARA, TUMKUR DISTRICT. KARNATAKA. EDITOR: MANJUNATHA P.N, S.L.N.BUILDING, KEMPEGOWDA ROAD, AMARAJYOTHY NAGARA, TUMKUR DISTRICT. KARNATAKA.
